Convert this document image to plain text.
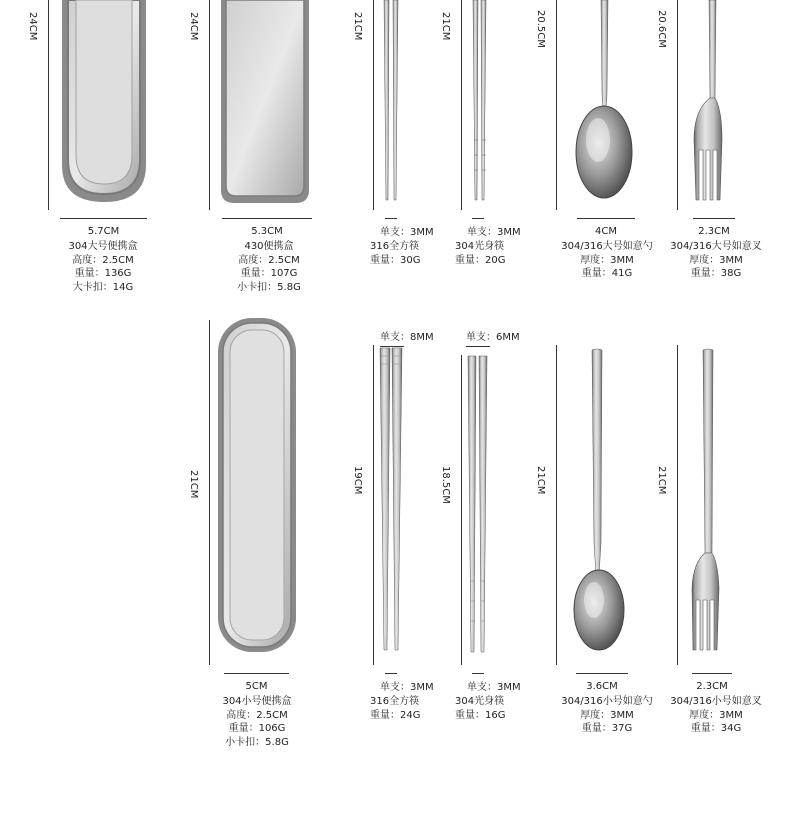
24CM
5.7CM
304大号便携盒
高度：2.5CM
重量：136G
大卡扣：14G
24CM
5.3CM
430便携盒
高度：2.5CM
重量：107G
小卡扣：5.8G
21CM
单支：3MM
316全方筷
重量：30G
21CM
单支：3MM
304光身筷
重量：20G
20.5CM
4CM
304/316大号如意勺
厚度：3MM
重量：41G
20.6CM
2.3CM
304/316大号如意叉
厚度：3MM
重量：38G
21CM
5CM
304小号便携盒
高度：2.5CM
重量：106G
小卡扣：5.8G
单支：8MM
19CM
单支：3MM
316全方筷
重量：24G
单支：6MM
18.5CM
单支：3MM
304光身筷
重量：16G
21CM
3.6CM
304/316小号如意勺
厚度：3MM
重量：37G
21CM
2.3CM
304/316小号如意叉
厚度：3MM
重量：34G
